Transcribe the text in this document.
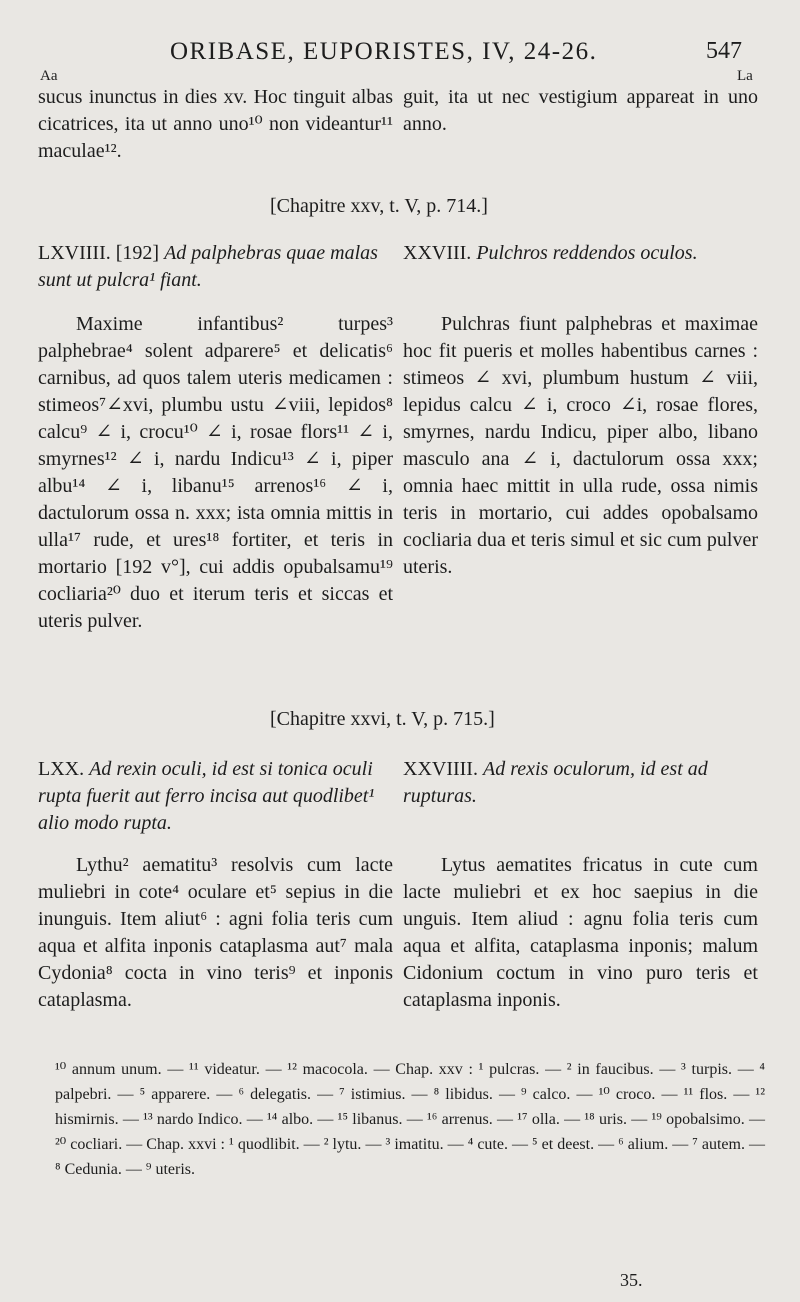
ORIBASE, EUPORISTES, IV, 24-26.	547
Aa	La

sucus inunctus in dies xv. Hoc tinguit albas cicatrices, ita ut anno uno¹⁰ non videantur¹¹ maculae¹².

guit, ita ut nec vestigium appareat in uno anno.

[Chapitre xxv, t. V, p. 714.]
LXVIIII. [192] Ad palphebras quae malas sunt ut pulcra¹ fiant.
XXVIII. Pulchros reddendos oculos.

Maxime infantibus² turpes³ palphebrae⁴ solent adparere⁵ et delicatis⁶ carnibus, ad quos talem uteris medicamen : stimeos⁷∠xvi, plumbu ustu ∠viii, lepidos⁸ calcu⁹ ∠ i, crocu¹⁰ ∠ i, rosae flors¹¹ ∠ i, smyrnes¹² ∠ i, nardu Indicu¹³ ∠ i, piper albu¹⁴ ∠ i, libanu¹⁵ arrenos¹⁶ ∠ i, dactulorum ossa n. xxx; ista omnia mittis in ulla¹⁷ rude, et ures¹⁸ fortiter, et teris in mortario [192 v°], cui addis opubalsamu¹⁹ cocliaria²⁰ duo et iterum teris et siccas et uteris pulver.

Pulchras fiunt palphebras et maximae hoc fit pueris et molles habentibus carnes : stimeos ∠ xvi, plumbum hustum ∠ viii, lepidus calcu ∠ i, croco ∠i, rosae flores, smyrnes, nardu Indicu, piper albo, libano masculo ana ∠ i, dactulorum ossa xxx; omnia haec mittit in ulla rude, ossa nimis teris in mortario, cui addes opobalsamo cocliaria dua et teris simul et sic cum pulver uteris.

[Chapitre xxvi, t. V, p. 715.]
LXX. Ad rexin oculi, id est si tonica oculi rupta fuerit aut ferro incisa aut quodlibet¹ alio modo rupta.
XXVIIII. Ad rexis oculorum, id est ad rupturas.

Lythu² aematitu³ resolvis cum lacte muliebri in cote⁴ oculare et⁵ sepius in die inunguis. Item aliut⁶ : agni folia teris cum aqua et alfita inponis cataplasma aut⁷ mala Cydonia⁸ cocta in vino teris⁹ et inponis cataplasma.

Lytus aematites fricatus in cute cum lacte muliebri et ex hoc saepius in die unguis. Item aliud : agnu folia teris cum aqua et alfita, cataplasma inponis; malum Cidonium coctum in vino puro teris et cataplasma inponis.

¹⁰ annum unum. — ¹¹ videatur. — ¹² macocola. — Chap. xxv : ¹ pulcras. — ² in faucibus. — ³ turpis. — ⁴ palpebri. — ⁵ apparere. — ⁶ delegatis. — ⁷ istimius. — ⁸ libidus. — ⁹ calco. — ¹⁰ croco. — ¹¹ flos. — ¹² hismirnis. — ¹³ nardo Indico. — ¹⁴ albo. — ¹⁵ libanus. — ¹⁶ arrenus. — ¹⁷ olla. — ¹⁸ uris. — ¹⁹ opobalsimo. — ²⁰ cocliari. — Chap. xxvi : ¹ quodlibit. — ² lytu. — ³ imatitu. — ⁴ cute. — ⁵ et deest. — ⁶ alium. — ⁷ autem. — ⁸ Cedunia. — ⁹ uteris.

35.
